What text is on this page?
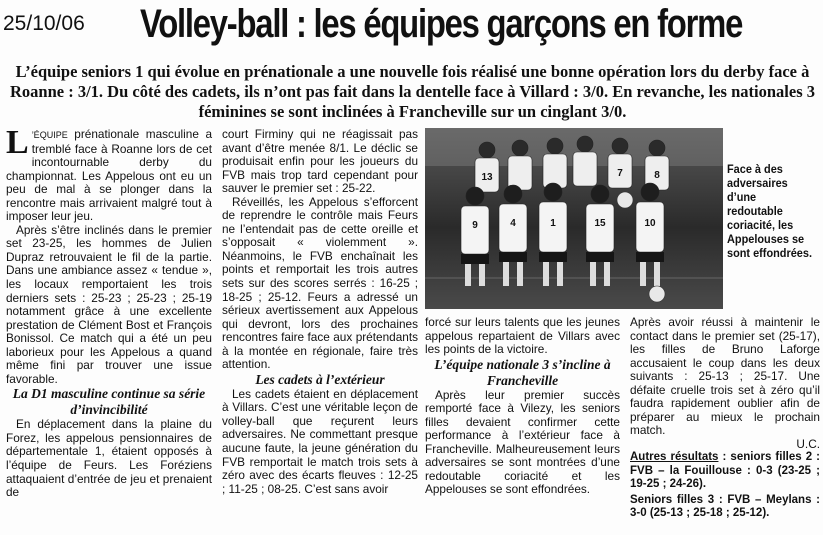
25/10/06 Volley-ball : les équipes garçons en forme
L’équipe seniors 1 qui évolue en prénationale a une nouvelle fois réalisé une bonne opération lors du derby face à Roanne : 3/1. Du côté des cadets, ils n’ont pas fait dans la dentelle face à Villard : 3/0. En revanche, les nationales 3 féminines se sont inclinées à Francheville sur un cinglant 3/0.

L ’ÉQUIPE prénationale masculine a tremblé face à Roanne lors de cet incontournable derby du championnat. Les Appelous ont eu un peu de mal à se plonger dans la rencontre mais arrivaient malgré tout à imposer leur jeu.

Après s’être inclinés dans le premier set 23-25, les hommes de Julien Dupraz retrouvaient le fil de la partie. Dans une ambiance assez « tendue », les locaux remportaient les trois derniers sets : 25-23 ; 25-23 ; 25-19 notamment grâce à une excellente prestation de Clément Bost et François Bonissol. Ce match qui a été un peu laborieux pour les Appelous a quand même fini par trouver une issue favorable.

La D1 masculine continue sa série d’invincibilité

En déplacement dans la plaine du Forez, les appelous pensionnaires de départementale 1, étaient opposés à l’équipe de Feurs. Les Foréziens attaquaient d’entrée de jeu et prenaient de

court Firminy qui ne réagissait pas avant d’être menée 8/1. Le déclic se produisait enfin pour les joueurs du FVB mais trop tard cependant pour sauver le premier set : 25-22.

Réveillés, les Appelous s’efforcent de reprendre le contrôle mais Feurs ne l’entendait pas de cette oreille et s’opposait « violemment ». Néanmoins, le FVB enchaînait les points et remportait les trois autres sets sur des scores serrés : 16-25 ; 18-25 ; 25-12. Feurs a adressé un sérieux avertissement aux Appelous qui devront, lors des prochaines rencontres faire face aux prétendants à la montée en régionale, faire très attention.

Les cadets à l’extérieur

Les cadets étaient en déplacement à Villars. C’est une véritable leçon de volley-ball que reçurent leurs adversaires. Ne commettant presque aucune faute, la jeune génération du FVB remportait le match trois sets à zéro avec des écarts fleuves : 12-25 ; 11-25 ; 08-25. C’est sans avoir

13	7	8
9	4	1	15	10
Face à des adversaires d’une redoutable coriacité, les Appelouses se sont effondrées.

forcé sur leurs talents que les jeunes appelous repartaient de Villars avec les points de la victoire.

L’équipe nationale 3 s’incline à Francheville

Après leur premier succès remporté face à Vilezy, les seniors filles devaient confirmer cette performance à l’extérieur face à Francheville. Malheureusement leurs adversaires se sont montrées d’une redoutable coriacité et les Appelouses se sont effondrées.

Après avoir réussi à maintenir le contact dans le premier set (25-17), les filles de Bruno Laforge accusaient le coup dans les deux suivants : 25-13 ; 25-17. Une défaite cruelle trois set à zéro qu’il faudra rapidement oublier afin de préparer au mieux le prochain match.

U.C.

Autres résultats : seniors filles 2 : FVB – la Fouillouse : 0-3 (23-25 ; 19-25 ; 24-26).

Seniors filles 3 : FVB – Meylans : 3-0 (25-13 ; 25-18 ; 25-12).
